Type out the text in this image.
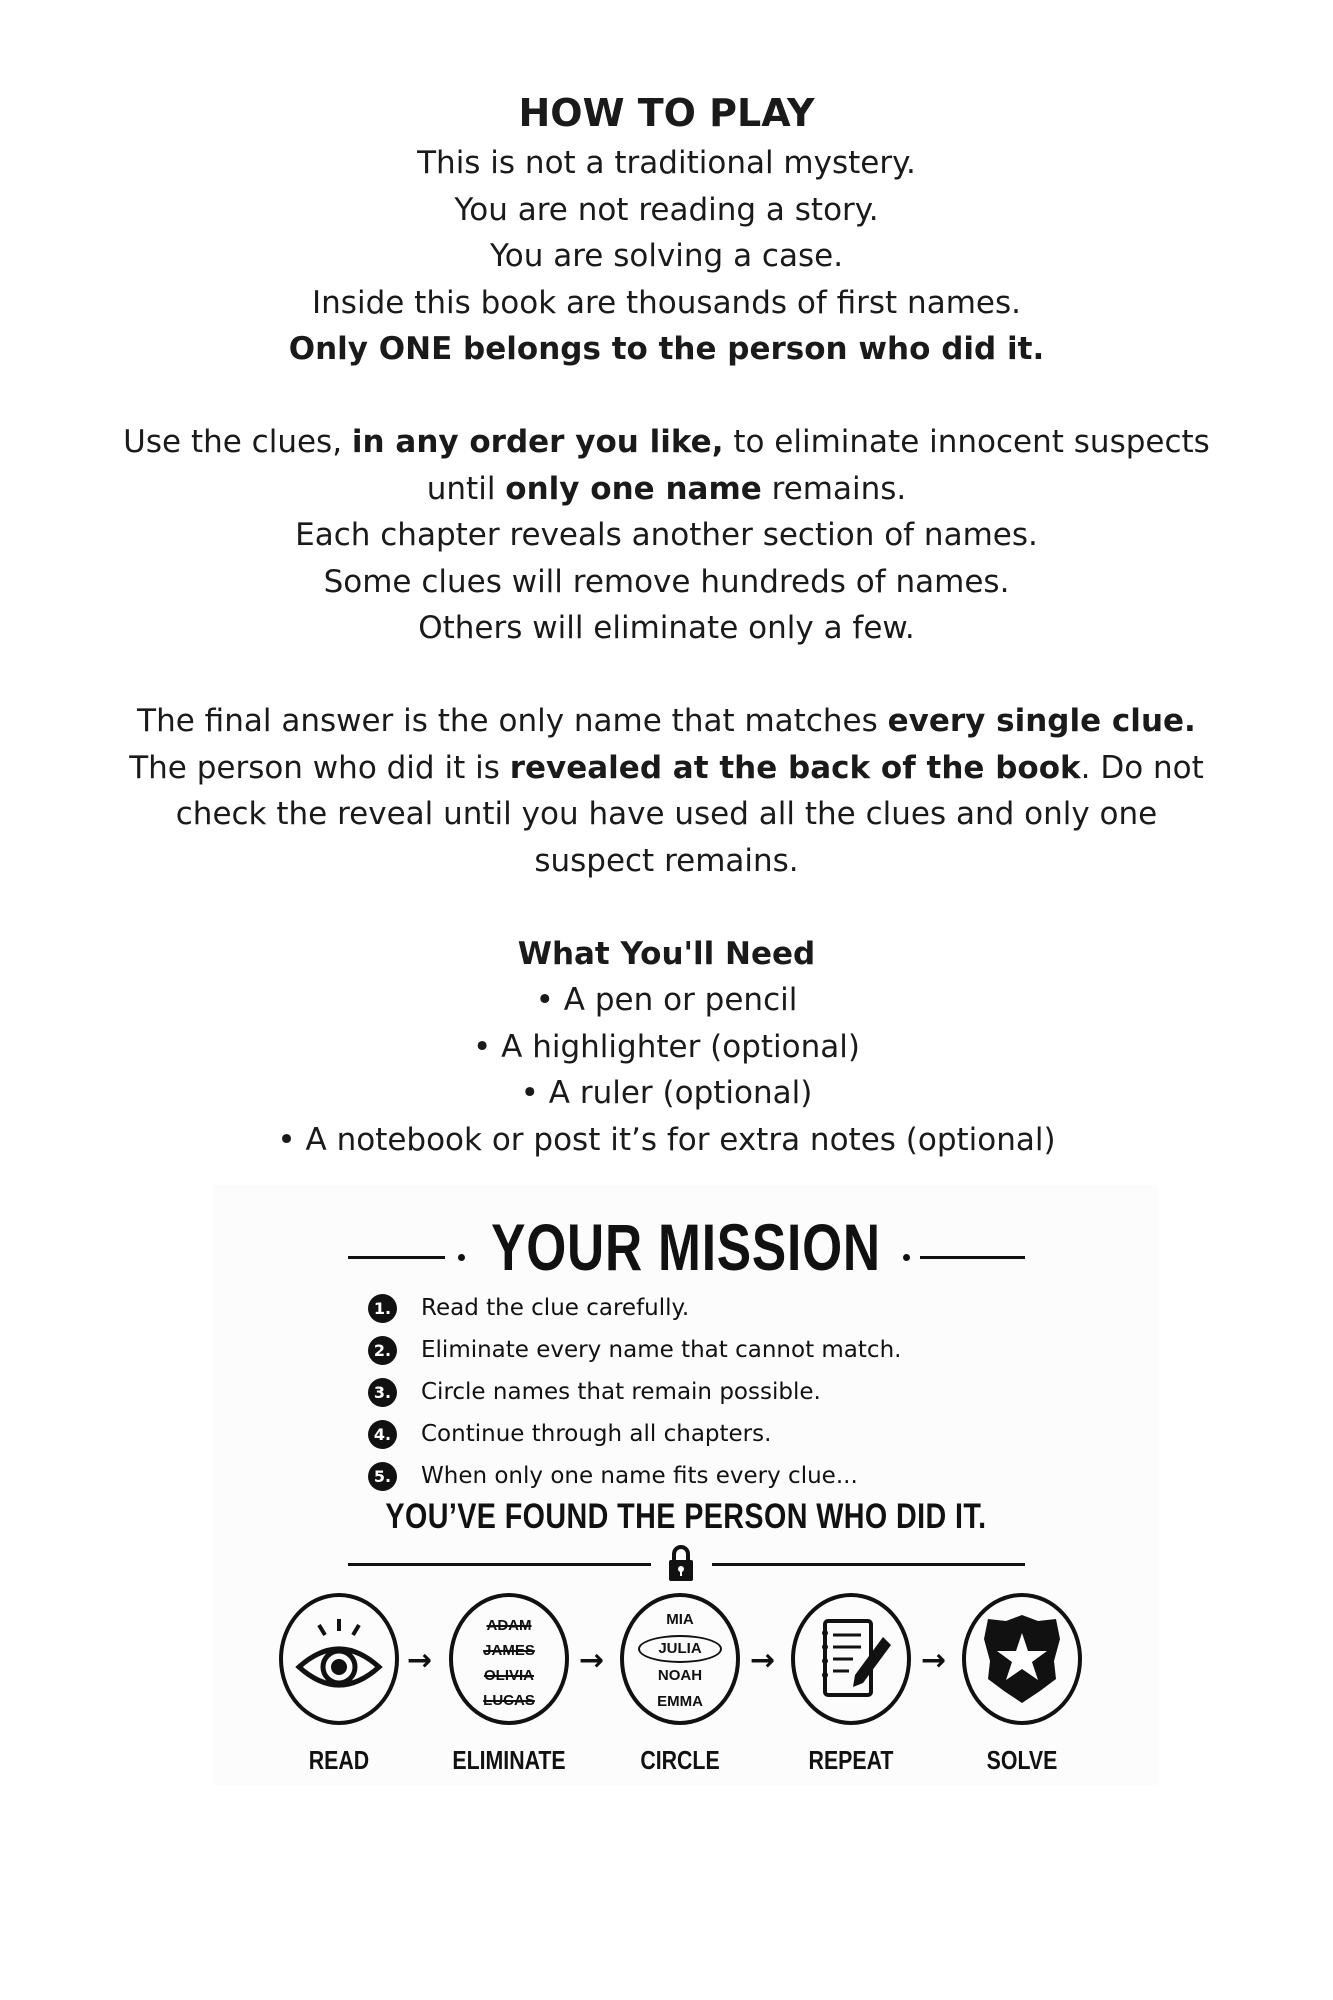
HOW TO PLAY

This is not a traditional mystery.

You are not reading a story.

You are solving a case.

Inside this book are thousands of first names.

Only ONE belongs to the person who did it.

Use the clues, in any order you like, to eliminate innocent suspects

until only one name remains.

Each chapter reveals another section of names.

Some clues will remove hundreds of names.

Others will eliminate only a few.

The final answer is the only name that matches every single clue.

The person who did it is revealed at the back of the book. Do not

check the reveal until you have used all the clues and only one

suspect remains.

What You'll Need

• A pen or pencil

• A highlighter (optional)

• A ruler (optional)

• A notebook or post it’s for extra notes (optional)

YOUR MISSION
1. Read the clue carefully.
2. Eliminate every name that cannot match.
3. Circle names that remain possible.
4. Continue through all chapters.
5. When only one name fits every clue...
YOU’VE FOUND THE PERSON WHO DID IT.
READ
→
ADAM
JAMES
OLIVIA
LUCAS
ELIMINATE
→
MIA
JULIA
NOAH
EMMA
CIRCLE
→
REPEAT
→
SOLVE
